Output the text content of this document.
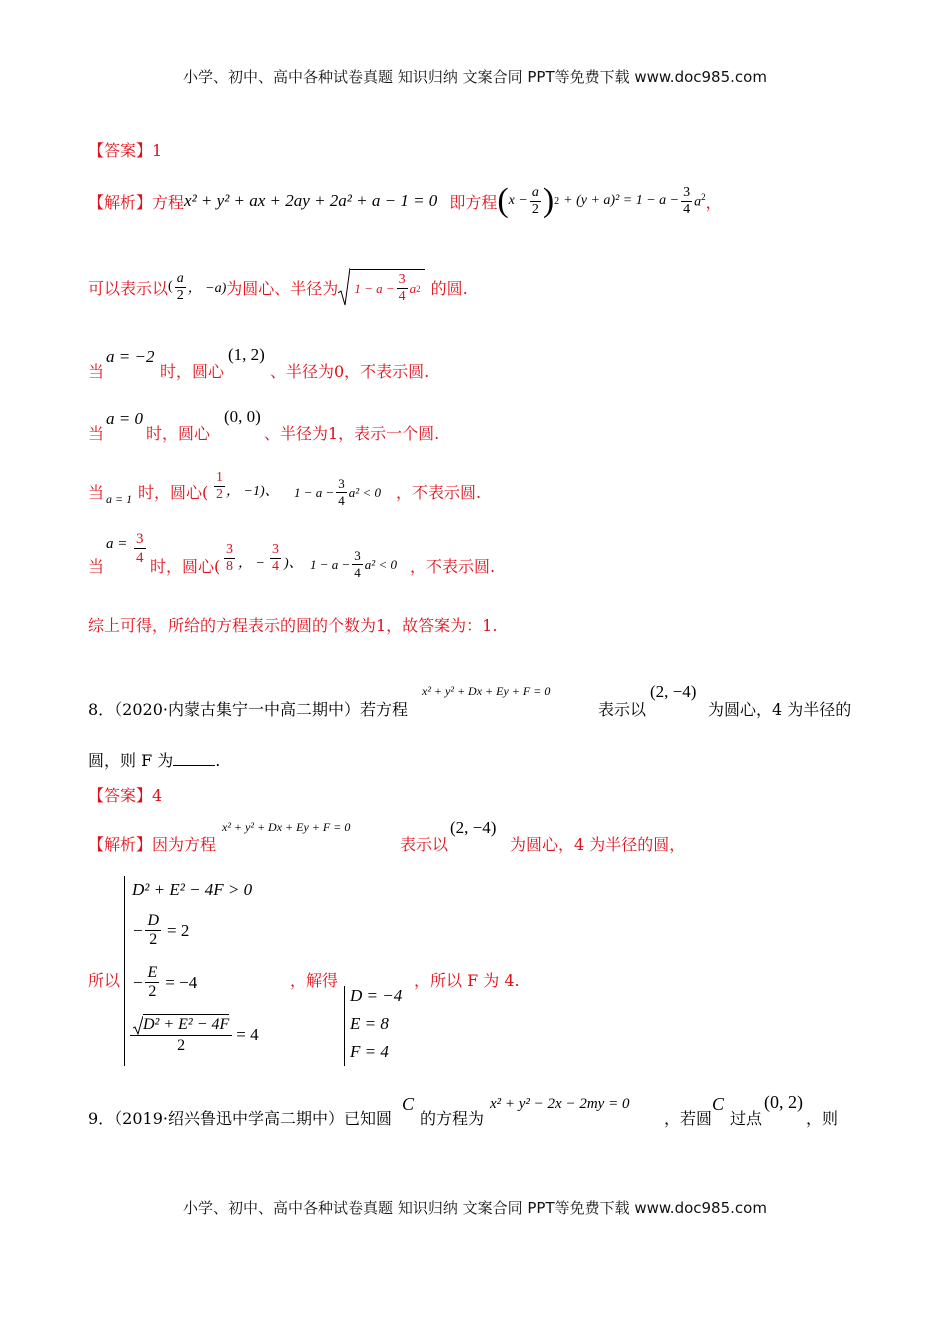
小学、初中、高中各种试卷真题 知识归纳 文案合同 PPT等免费下载 www.doc985.com
小学、初中、高中各种试卷真题 知识归纳 文案合同 PPT等免费下载 www.doc985.com
【答案】1
【解析】 方程 x² + y² + ax + 2ay + 2a² + a − 1 = 0 即方程 ( $x - \frac{a}{2}$ ) $2 + (y + a)^2 = 1 - a - \frac{3}{4} a^2$ ，
可以表示以 ( $\frac{a}{2}$ ， −a) 为圆心、半径为	$1 - a - \frac{3}{4}$ a 2 的圆.
当
a = −2
时，圆心
(1, 2)
、半径为0，不表示圆.
当
a = 0
时，圆心
(0, 0)
、半径为1，表示一个圆.
当 a = 1 时，圆心( $\frac{1}{2}$ ， −1)、 $1 - a - \frac{3}{4} a^2 < 0$ ，不表示圆.
当
$a = \frac{3}{4}$ 时，圆心( $\frac{3}{8}$ ， − $\frac{3}{4}$ )、 $1 - a - \frac{3}{4} a^2 < 0$ ，不表示圆.
综上可得，所给的方程表示的圆的个数为1，故答案为：1.
8．（2020·内蒙古集宁一中高二期中）若方程
x² + y² + Dx + Ey + F = 0
表示以
(2, −4)
为圆心，4 为半径的
圆，则 F 为	.
【答案】4
【解析】 因为方程
x² + y² + Dx + Ey + F = 0
表示以
(2, −4)
为圆心，4 为半径的圆，
D² + E² − 4F > 0
− $\frac{D}{2} = 2$
− $\frac{E}{2} = -4$
$\frac{\text{D² + E² − 4F}}{2} = 4$
所以	，解得	，所以 F 为 4.
D = −4
E = 8
F = 4
9．（2019·绍兴鲁迅中学高二期中）已知圆
C
的方程为
x² + y² − 2x − 2my = 0
，若圆
C
过点
(0, 2)
，则
